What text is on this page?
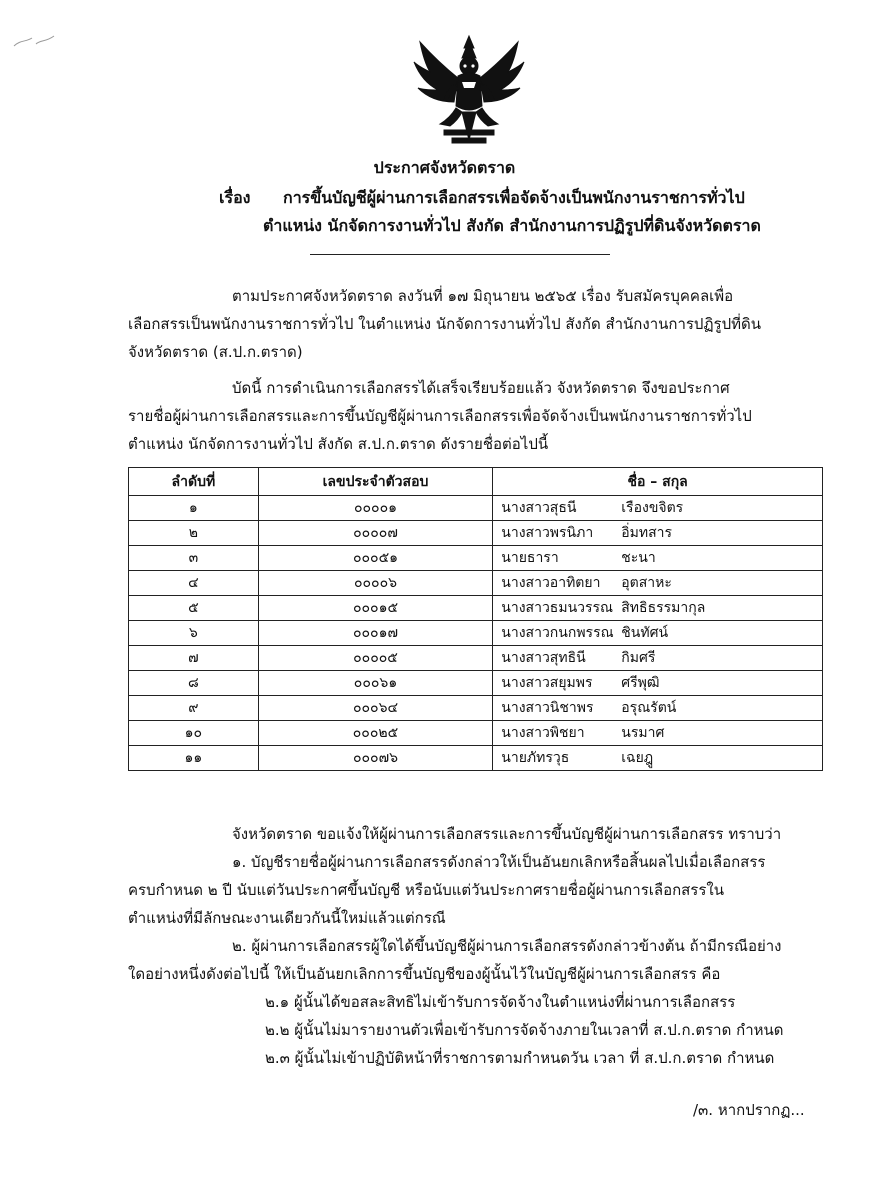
ประกาศจังหวัดตราด
เรื่อง การขึ้นบัญชีผู้ผ่านการเลือกสรรเพื่อจัดจ้างเป็นพนักงานราชการทั่วไป
ตำแหน่ง นักจัดการงานทั่วไป สังกัด สำนักงานการปฏิรูปที่ดินจังหวัดตราด
ตามประกาศจังหวัดตราด ลงวันที่ ๑๗ มิถุนายน ๒๕๖๕ เรื่อง รับสมัครบุคคลเพื่อ
เลือกสรรเป็นพนักงานราชการทั่วไป ในตำแหน่ง นักจัดการงานทั่วไป สังกัด สำนักงานการปฏิรูปที่ดิน
จังหวัดตราด (ส.ป.ก.ตราด)
บัดนี้ การดำเนินการเลือกสรรได้เสร็จเรียบร้อยแล้ว จังหวัดตราด จึงขอประกาศ
รายชื่อผู้ผ่านการเลือกสรรและการขึ้นบัญชีผู้ผ่านการเลือกสรรเพื่อจัดจ้างเป็นพนักงานราชการทั่วไป
ตำแหน่ง นักจัดการงานทั่วไป สังกัด ส.ป.ก.ตราด ดังรายชื่อต่อไปนี้
ลำดับที่	เลขประจำตัวสอบ	ชื่อ – สกุล
๑	๐๐๐๐๑	นางสาวสุธนี เรืองขจิตร
๒	๐๐๐๐๗	นางสาวพรนิภา อิ่มทสาร
๓	๐๐๐๕๑	นายธารา ชะนา
๔	๐๐๐๐๖	นางสาวอาทิตยา อุตสาหะ
๕	๐๐๐๑๕	นางสาวธมนวรรณ สิทธิธรรมากุล
๖	๐๐๐๑๗	นางสาวกนกพรรณ ชินทัศน์
๗	๐๐๐๐๕	นางสาวสุทธินี กิมศรี
๘	๐๐๐๖๑	นางสาวสยุมพร ศรีพุฒิ
๙	๐๐๐๖๔	นางสาวนิชาพร อรุณรัตน์
๑๐	๐๐๐๒๕	นางสาวพิชยา นรมาศ
๑๑	๐๐๐๗๖	นายภัทรวุธ เฉยฎู
จังหวัดตราด ขอแจ้งให้ผู้ผ่านการเลือกสรรและการขึ้นบัญชีผู้ผ่านการเลือกสรร ทราบว่า
๑. บัญชีรายชื่อผู้ผ่านการเลือกสรรดังกล่าวให้เป็นอันยกเลิกหรือสิ้นผลไปเมื่อเลือกสรร
ครบกำหนด ๒ ปี นับแต่วันประกาศขึ้นบัญชี หรือนับแต่วันประกาศรายชื่อผู้ผ่านการเลือกสรรใน
ตำแหน่งที่มีลักษณะงานเดียวกันนี้ใหม่แล้วแต่กรณี
๒. ผู้ผ่านการเลือกสรรผู้ใดได้ขึ้นบัญชีผู้ผ่านการเลือกสรรดังกล่าวข้างต้น ถ้ามีกรณีอย่าง
ใดอย่างหนึ่งดังต่อไปนี้ ให้เป็นอันยกเลิกการขึ้นบัญชีของผู้นั้นไว้ในบัญชีผู้ผ่านการเลือกสรร คือ
๒.๑ ผู้นั้นได้ขอสละสิทธิไม่เข้ารับการจัดจ้างในตำแหน่งที่ผ่านการเลือกสรร
๒.๒ ผู้นั้นไม่มารายงานตัวเพื่อเข้ารับการจัดจ้างภายในเวลาที่ ส.ป.ก.ตราด กำหนด
๒.๓ ผู้นั้นไม่เข้าปฏิบัติหน้าที่ราชการตามกำหนดวัน เวลา ที่ ส.ป.ก.ตราด กำหนด
/๓. หากปรากฏ...
